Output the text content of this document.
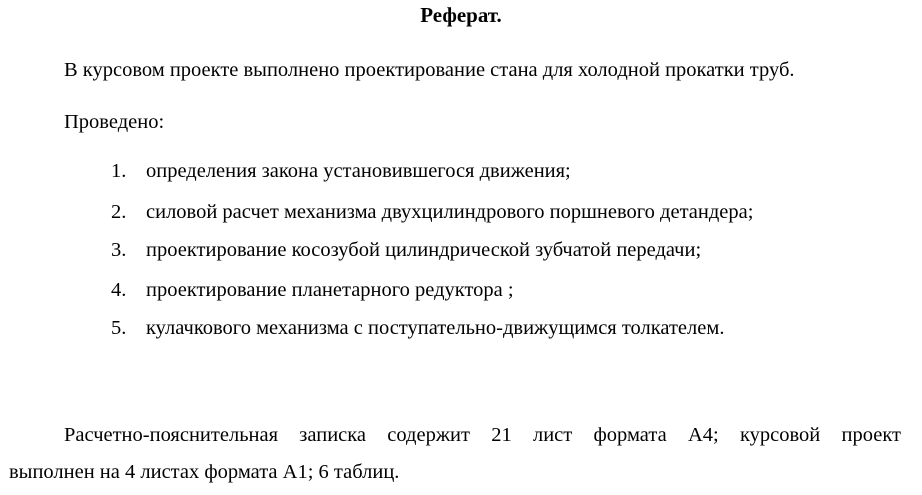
Реферат.
В курсовом проекте выполнено проектирование стана для холодной прокатки труб.
Проведено:
1. определения закона установившегося движения;
2. силовой расчет механизма двухцилиндрового поршневого детандера;
3. проектирование косозубой цилиндрической зубчатой передачи;
4. проектирование планетарного редуктора ;
5. кулачкового механизма с поступательно-движущимся толкателем.
Расчетно-пояснительная записка содержит 21 лист формата А4; курсовой проект
выполнен на 4 листах формата А1; 6 таблиц.
